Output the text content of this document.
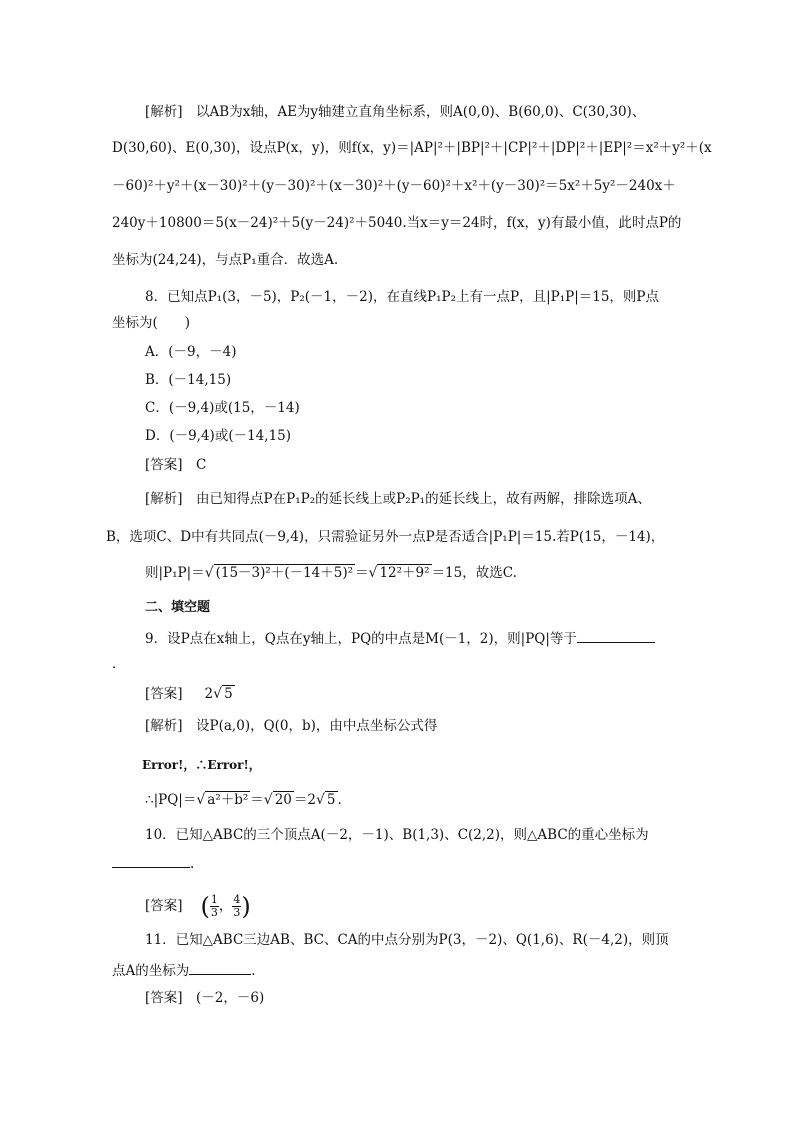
[解析]　以AB为x轴，AE为y轴建立直角坐标系，则A(0,0)、B(60,0)、C(30,30)、
D(30,60)、E(0,30)，设点P(x，y)，则f(x，y)＝|AP|²＋|BP|²＋|CP|²＋|DP|²＋|EP|²＝x²＋y²＋(x
－60)²＋y²＋(x－30)²＋(y－30)²＋(x－30)²＋(y－60)²＋x²＋(y－30)²＝5x²＋5y²－240x＋
240y＋10800＝5(x－24)²＋5(y－24)²＋5040.当x＝y＝24时，f(x，y)有最小值，此时点P的
坐标为(24,24)，与点P₁重合．故选A.
8．已知点P₁(3，－5)，P₂(－1，－2)，在直线P₁P₂上有一点P，且|P₁P|＝15，则P点
坐标为(　　)
A．(－9，－4)
B．(－14,15)
C．(－9,4)或(15，－14)
D．(－9,4)或(－14,15)
[答案]　C
[解析]　由已知得点P在P₁P₂的延长线上或P₂P₁的延长线上，故有两解，排除选项A、
B，选项C、D中有共同点(－9,4)，只需验证另外一点P是否适合|P₁P|＝15.若P(15，－14)，
则|P₁P|＝√ (15－3)²＋(－14＋5)² ＝√ 12²＋9² ＝15，故选C.
二、填空题
9．设P点在x轴上，Q点在y轴上，PQ的中点是M(－1，2)，则|PQ|等于
．
[答案] 2√ 5
[解析]　设P(a,0)，Q(0，b)，由中点坐标公式得
Error!，∴Error!，
∴|PQ|＝√ a²＋b² ＝√ 20 ＝2√ 5 .
10．已知△ABC的三个顶点A(－2，－1)、B(1,3)、C(2,2)，则△ABC的重心坐标为
.
[答案] ( $\frac{1}{3}$ ， $\frac{4}{3}$ )
11．已知△ABC三边AB、BC、CA的中点分别为P(3，－2)、Q(1,6)、R(－4,2)，则顶
点A的坐标为	.
[答案]　(－2，－6)
